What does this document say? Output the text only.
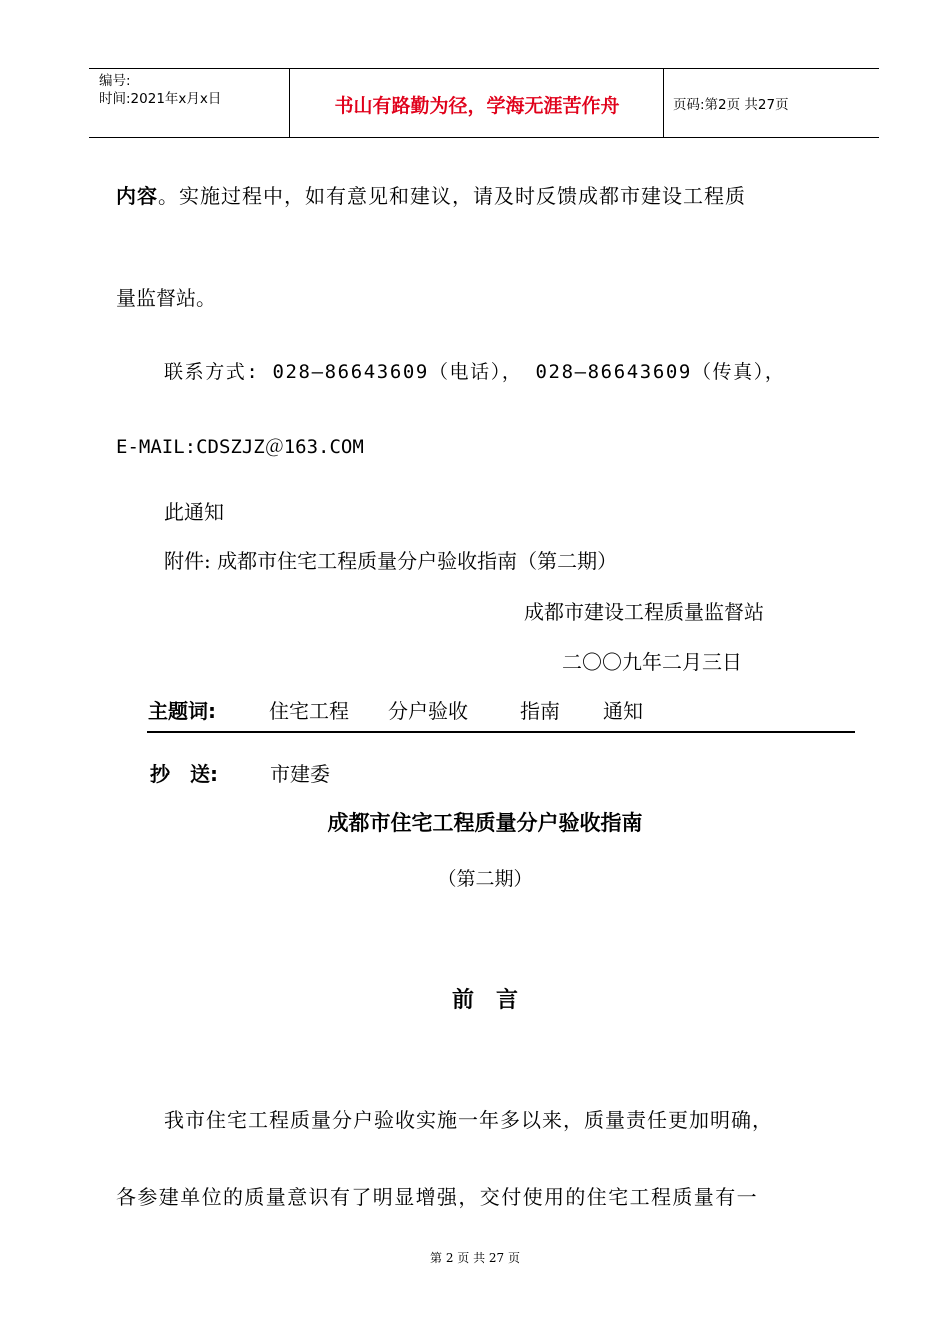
编号:
时间:2021年x月x日	书山有路勤为径，学海无涯苦作舟	页码:第2页 共27页
内容。实施过程中，如有意见和建议，请及时反馈成都市建设工程质
量监督站。
联系方式: 028—86643609（电话）， 028—86643609（传真），
E-MAIL:CDSZJZ＠163.COM
此通知
附件: 成都市住宅工程质量分户验收指南（第二期）
成都市建设工程质量监督站
二〇〇九年二月三日
主题词:	住宅工程 分户验收	指南 通知
抄　送:	市建委
成都市住宅工程质量分户验收指南
（第二期）
前　言
我市住宅工程质量分户验收实施一年多以来，质量责任更加明确，
各参建单位的质量意识有了明显增强，交付使用的住宅工程质量有一
第 2 页 共 27 页
